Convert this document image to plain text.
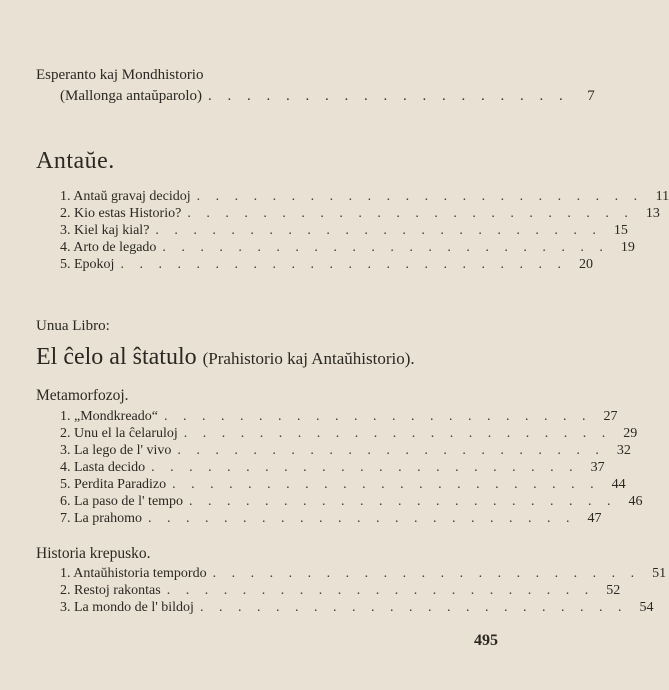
Esperanto kaj Mondhistorio
(Mallonga antaŭparolo) . . . . . . . . . . . . . . . . . . .	7
Antaŭe.
1. Antaŭ gravaj decidoj . . . . . . . . . . . . . . . . . . . . . . . . 11
2. Kio estas Historio? . . . . . . . . . . . . . . . . . . . . . . . . 13
3. Kiel kaj kial? . . . . . . . . . . . . . . . . . . . . . . . . 15
4. Arto de legado . . . . . . . . . . . . . . . . . . . . . . . . 19
5. Epokoj . . . . . . . . . . . . . . . . . . . . . . . . 20
Unua Libro:
El ĉelo al ŝtatulo (Prahistorio kaj Antaŭhistorio).
Metamorfozoj.
1. „Mondkreado“ . . . . . . . . . . . . . . . . . . . . . . . 27
2. Unu el la ĉelaruloj . . . . . . . . . . . . . . . . . . . . . . . 29
3. La lego de l' vivo . . . . . . . . . . . . . . . . . . . . . . . 32
4. Lasta decido . . . . . . . . . . . . . . . . . . . . . . . 37
5. Perdita Paradizo . . . . . . . . . . . . . . . . . . . . . . . 44
6. La paso de l' tempo . . . . . . . . . . . . . . . . . . . . . . . 46
7. La prahomo . . . . . . . . . . . . . . . . . . . . . . . 47
Historia krepusko.
1. Antaŭhistoria tempordo . . . . . . . . . . . . . . . . . . . . . . . 51
2. Restoj rakontas . . . . . . . . . . . . . . . . . . . . . . . 52
3. La mondo de l' bildoj . . . . . . . . . . . . . . . . . . . . . . . 54
495
